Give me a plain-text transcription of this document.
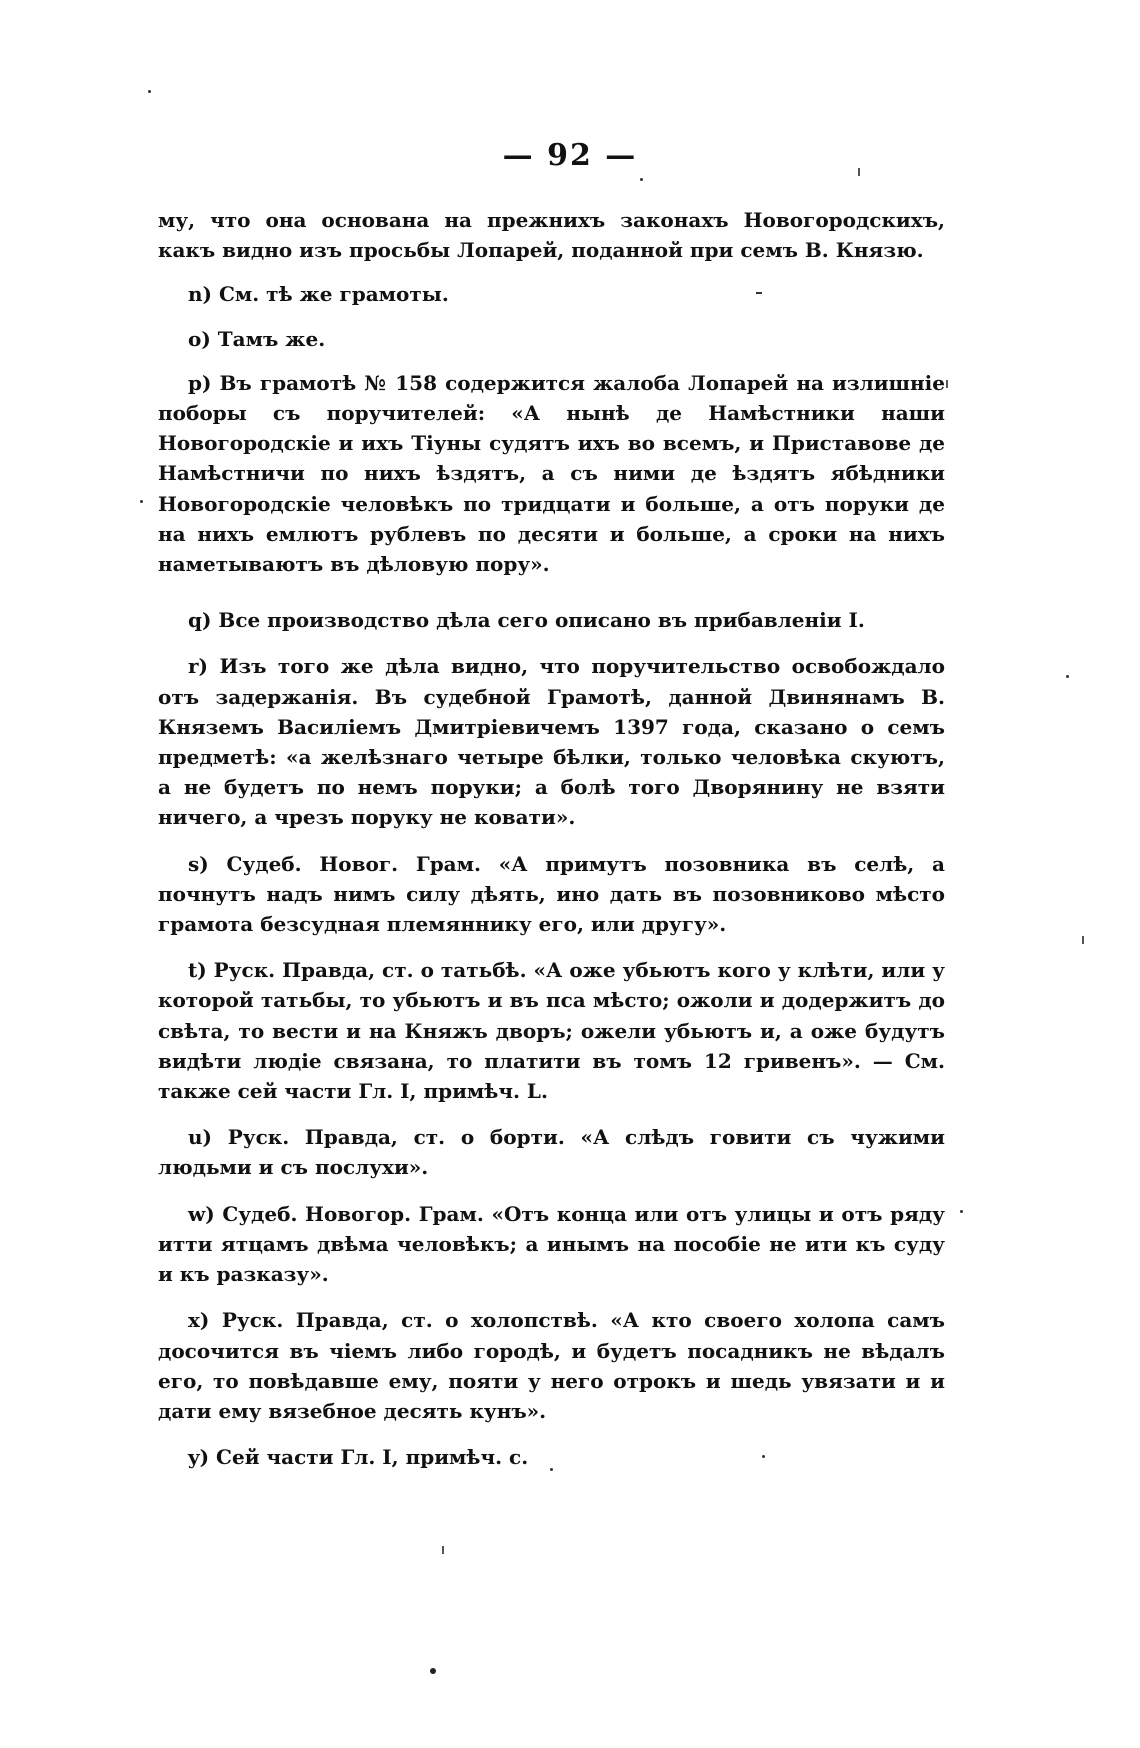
— 92 —

му, что она основана на прежнихъ законахъ Новогородскихъ, какъ видно изъ просьбы Лопарей, поданной при семъ В. Князю.

n) См. тѣ же грамоты.

o) Тамъ же.

p) Въ грамотѣ № 158 содержится жалоба Лопарей на излишніе поборы съ поручителей: «А нынѣ де Намѣстники наши Новогородскіе и ихъ Тіуны судятъ ихъ во всемъ, и Приставове де Намѣстничи по нихъ ѣздятъ, а съ ними де ѣздятъ ябѣдники Новогородскіе человѣкъ по тридцати и больше, а отъ поруки де на нихъ емлютъ рублевъ по десяти и больше, а сроки на нихъ наметываютъ въ дѣловую пору».

q) Все производство дѣла сего описано въ прибавленіи I.

r) Изъ того же дѣла видно, что поручительство освобождало отъ задержанія. Въ судебной Грамотѣ, данной Двинянамъ В. Княземъ Василіемъ Дмитріевичемъ 1397 года, сказано о семъ предметѣ: «а желѣзнаго четыре бѣлки, только человѣка скуютъ, а не будетъ по немъ поруки; а болѣ того Дворянину не взяти ничего, а чрезъ поруку не ковати».

s) Судеб. Новог. Грам. «А примутъ позовника въ селѣ, а почнутъ надъ нимъ силу дѣять, ино дать въ позовниково мѣсто грамота безсудная племяннику его, или другу».

t) Руск. Правда, ст. о татьбѣ. «А оже убьютъ кого у клѣти, или у которой татьбы, то убьютъ и въ пса мѣсто; ожоли и додержитъ до свѣта, то вести и на Княжъ дворъ; ожели убьютъ и, а оже будутъ видѣти людіе связана, то платити въ томъ 12 гривенъ». — См. также сей части Гл. I, примѣч. L.

u) Руск. Правда, ст. о борти. «А слѣдъ говити съ чужими людьми и съ послухи».

w) Судеб. Новогор. Грам. «Отъ конца или отъ улицы и отъ ряду итти ятцамъ двѣма человѣкъ; а инымъ на пособіе не ити къ суду и къ разказу».

x) Руск. Правда, ст. о холопствѣ. «А кто своего холопа самъ досочится въ чіемъ либо городѣ, и будетъ посадникъ не вѣдалъ его, то повѣдавше ему, пояти у него отрокъ и шедь увязати и и дати ему вязебное десять кунъ».

y) Сей части Гл. I, примѣч. c.
